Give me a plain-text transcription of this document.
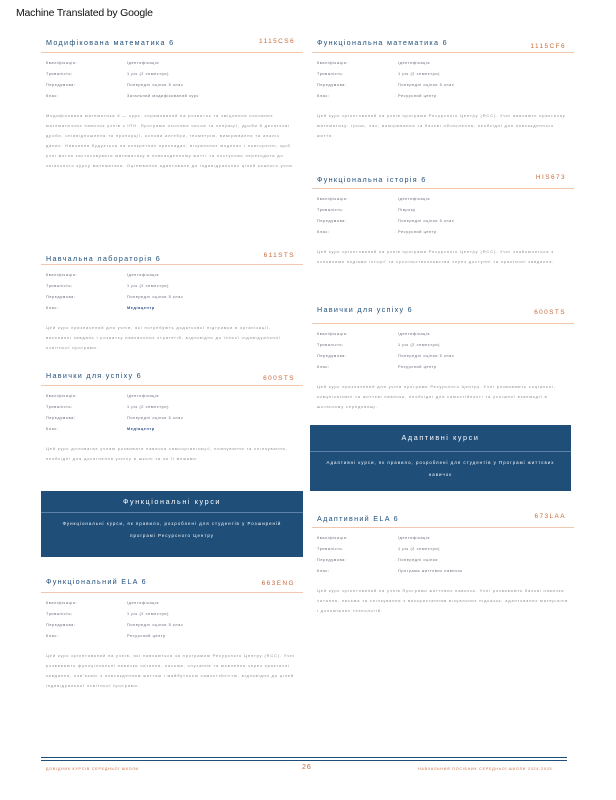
Machine Translated by Google
Модифікована математика 6	1115CS6
Кваліфікація:	Ідентифікація
Тривалість:	1 рік (2 семестри)
Передумова:	Попередні оцінки 5 клас
Клас:	Загальний модифікований курс
Модифікована математика 6 — курс, спрямований на розвиток та зміцнення основних математичних навичок учнів з ІПН. Програма охоплює числа та операції, дроби й десяткові дроби, співвідношення та пропорції, основи алгебри, геометрію, вимірювання та аналіз даних. Навчання будується на конкретних прикладах, візуальних моделях і повторенні, щоб учні могли застосовувати математику в повсякденному житті та поступово переходити до загального курсу математики. Оцінювання адаптоване до індивідуальних цілей кожного учня.
Навчальна лабораторія 6	611STS
Кваліфікація:	Ідентифікація
Тривалість:	1 рік (2 семестри)
Передумова:	Попередні оцінки 5 клас
Клас:	Медіацентр
Цей курс призначений для учнів, які потребують додаткової підтримки в організації, виконанні завдань і розвитку навчальних стратегій, відповідно до їхньої індивідуальної освітньої програми.
Навички для успіху 6	600STS
Кваліфікація:	Ідентифікація
Тривалість:	1 рік (2 семестри)
Передумова:	Попередні оцінки 5 клас
Клас:	Медіацентр
Цей курс допомагає учням розвивати навички самоорганізації, планування та спілкування, необхідні для досягнення успіху в школі та за її межами.
Функціональні курси
Функціональні курси, як правило, розроблені для студентів у Розширеній програмі Ресурсного Центру
Функціональний ELA 6	663ENG
Кваліфікація:	Ідентифікація
Тривалість:	1 рік (2 семестри)
Передумова:	Попередні оцінки 5 клас
Клас:	Ресурсний центр
Цей курс орієнтований на учнів, які навчаються за програмою Ресурсного Центру (RCC). Учні розвивають функціональні навички читання, письма, слухання та мовлення через практичні завдання, пов'язані з повсякденним життям і майбутньою самостійністю, відповідно до цілей індивідуальної освітньої програми.
Функціональна математика 6	1115CF6
Кваліфікація:	Ідентифікація
Тривалість:	1 рік (2 семестри)
Передумова:	Попередні оцінки 5 клас
Клас:	Ресурсний центр
Цей курс орієнтований на учнів програми Ресурсного Центру (RCC). Учні вивчають практичну математику: гроші, час, вимірювання та базові обчислення, необхідні для повсякденного життя.
Функціональна історія 6	HIS673
Кваліфікація:	Ідентифікація
Тривалість:	Півроку
Передумова:	Попередні оцінки 5 клас
Клас:	Ресурсний центр
Цей курс орієнтований на учнів програми Ресурсного Центру (RCC). Учні знайомляться з основними подіями історії та суспільствознавства через доступні та практичні завдання.
Навички для успіху 6	600STS
Кваліфікація:	Ідентифікація
Тривалість:	1 рік (2 семестри)
Передумова:	Попередні оцінки 5 клас
Клас:	Ресурсний центр
Цей курс призначений для учнів програми Ресурсного Центру. Учні розвивають соціальні, комунікативні та життєві навички, необхідні для самостійності та успішної взаємодії в шкільному середовищі.
Адаптивні курси
Адаптивні курси, як правило, розроблені для студентів у Програмі життєвих навичок
Адаптивний ELA 6	673LAA
Кваліфікація:	Ідентифікація
Тривалість:	1 рік (2 семестри)
Передумова:	Попередні оцінки
Клас:	Програма життєвих навичок
Цей курс орієнтований на учнів Програми життєвих навичок. Учні розвивають базові навички читання, письма та спілкування з використанням візуальних підказок, адаптованих матеріалів і допоміжних технологій.
ДОВІДНИК КУРСІВ СЕРЕДНЬОЇ ШКОЛИ	26	НАВЧАЛЬНИЙ ПОСІБНИК СЕРЕДНЬОЇ ШКОЛИ 2024-2025
